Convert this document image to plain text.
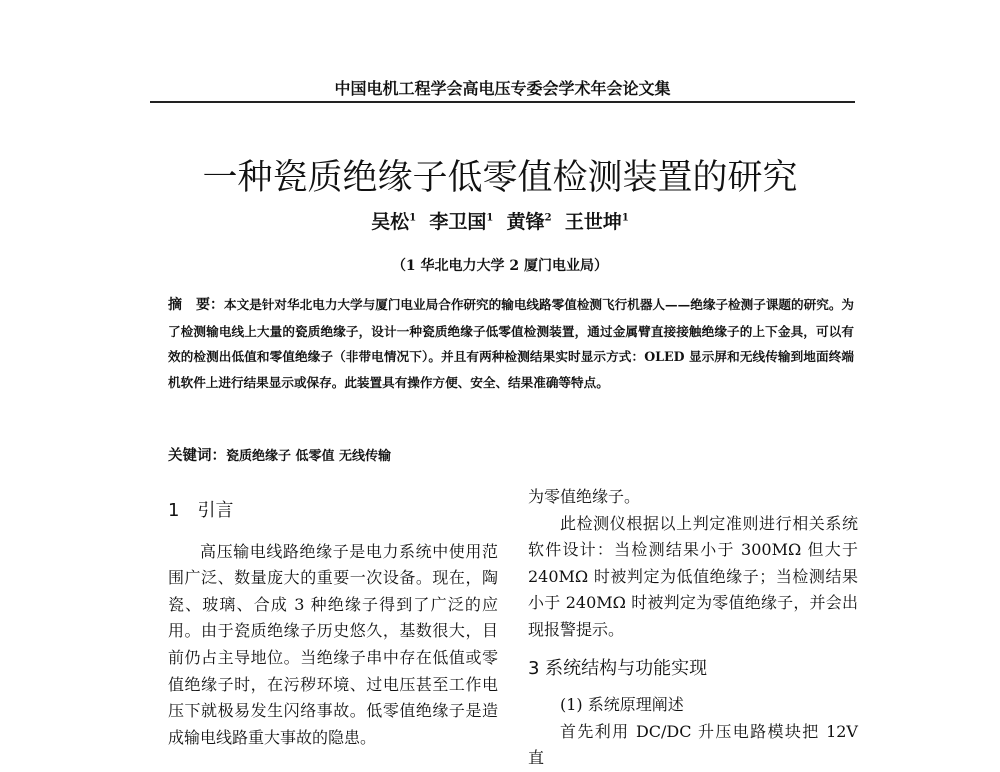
中国电机工程学会高电压专委会学术年会论文集
一种瓷质绝缘子低零值检测装置的研究
吴松$^1$ 李卫国$^1$ 黄锋$^2$ 王世坤$^1$
（1 华北电力大学 2 厦门电业局）
摘　要：本文是针对华北电力大学与厦门电业局合作研究的输电线路零值检测飞行机器人——绝缘子检测子课题的研究。为了检测输电线上大量的瓷质绝缘子，设计一种瓷质绝缘子低零值检测装置，通过金属臂直接接触绝缘子的上下金具，可以有效的检测出低值和零值绝缘子（非带电情况下）。并且有两种检测结果实时显示方式：OLED 显示屏和无线传输到地面终端机软件上进行结果显示或保存。此装置具有操作方便、安全、结果准确等特点。
关键词：瓷质绝缘子 低零值 无线传输
1　引言

高压输电线路绝缘子是电力系统中使用范围广泛、数量庞大的重要一次设备。现在，陶瓷、玻璃、合成 3 种绝缘子得到了广泛的应用。由于瓷质绝缘子历史悠久，基数很大，目前仍占主导地位。当绝缘子串中存在低值或零值绝缘子时，在污秽环境、过电压甚至工作电压下就极易发生闪络事故。低零值绝缘子是造成输电线路重大事故的隐患。

为零值绝缘子。

此检测仪根据以上判定准则进行相关系统软件设计：当检测结果小于 300MΩ 但大于 240MΩ 时被判定为低值绝缘子；当检测结果小于 240MΩ 时被判定为零值绝缘子，并会出现报警提示。

3 系统结构与功能实现

(1) 系统原理阐述

首先利用 DC/DC 升压电路模块把 12V 直
